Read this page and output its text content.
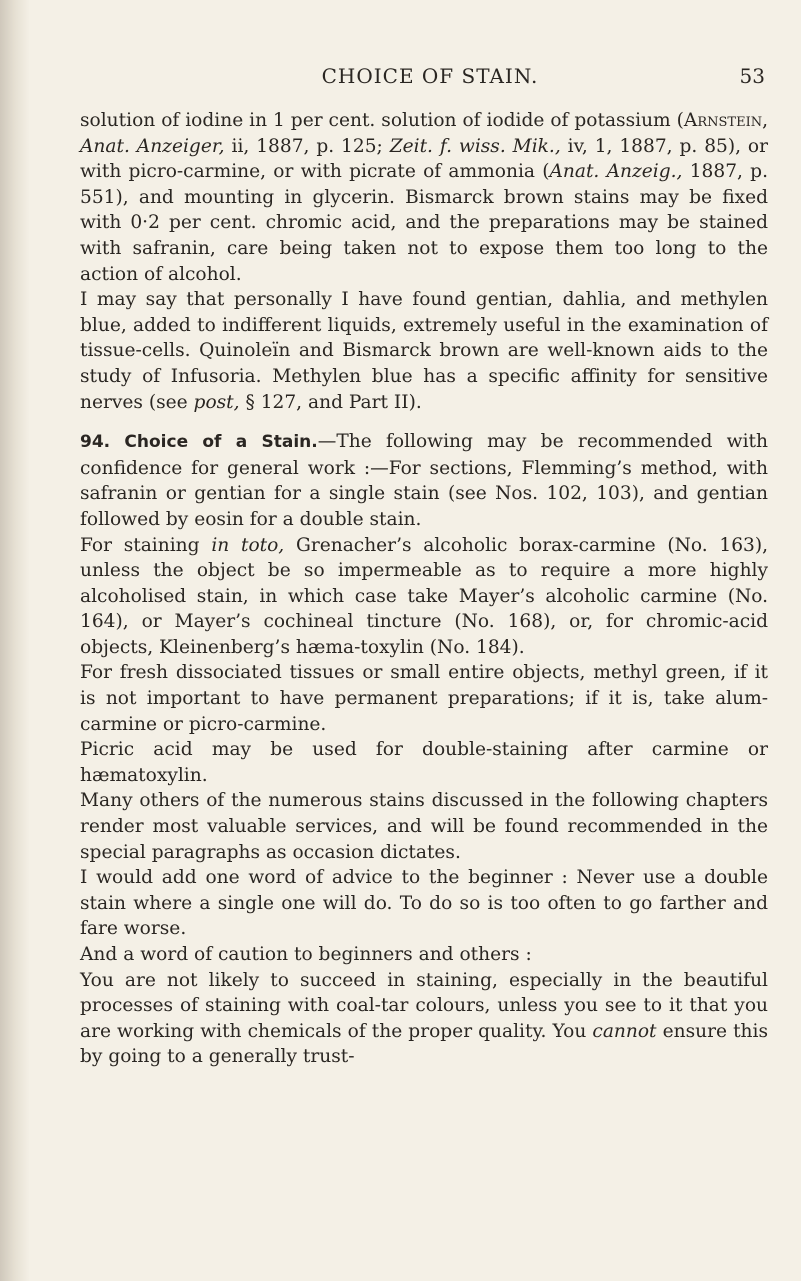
CHOICE OF STAIN.	53

solution of iodine in 1 per cent. solution of iodide of potassium (Arnstein, Anat. Anzeiger, ii, 1887, p. 125; Zeit. f. wiss. Mik., iv, 1, 1887, p. 85), or with picro-carmine, or with picrate of ammonia (Anat. Anzeig., 1887, p. 551), and mounting in glycerin. Bismarck brown stains may be fixed with 0·2 per cent. chromic acid, and the preparations may be stained with safranin, care being taken not to expose them too long to the action of alcohol.

I may say that personally I have found gentian, dahlia, and methylen blue, added to indifferent liquids, extremely useful in the examination of tissue-cells. Quinoleïn and Bismarck brown are well-known aids to the study of Infusoria. Methylen blue has a specific affinity for sensitive nerves (see post, § 127, and Part II).

94. Choice of a Stain.—The following may be recommended with confidence for general work :—For sections, Flemming’s method, with safranin or gentian for a single stain (see Nos. 102, 103), and gentian followed by eosin for a double stain.

For staining in toto, Grenacher’s alcoholic borax-carmine (No. 163), unless the object be so impermeable as to require a more highly alcoholised stain, in which case take Mayer’s alcoholic carmine (No. 164), or Mayer’s cochineal tincture (No. 168), or, for chromic-acid objects, Kleinenberg’s hæma-toxylin (No. 184).

For fresh dissociated tissues or small entire objects, methyl green, if it is not important to have permanent preparations; if it is, take alum-carmine or picro-carmine.

Picric acid may be used for double-staining after carmine or hæmatoxylin.

Many others of the numerous stains discussed in the following chapters render most valuable services, and will be found recommended in the special paragraphs as occasion dictates.

I would add one word of advice to the beginner : Never use a double stain where a single one will do. To do so is too often to go farther and fare worse.

And a word of caution to beginners and others :

You are not likely to succeed in staining, especially in the beautiful processes of staining with coal-tar colours, unless you see to it that you are working with chemicals of the proper quality. You cannot ensure this by going to a generally trust-
